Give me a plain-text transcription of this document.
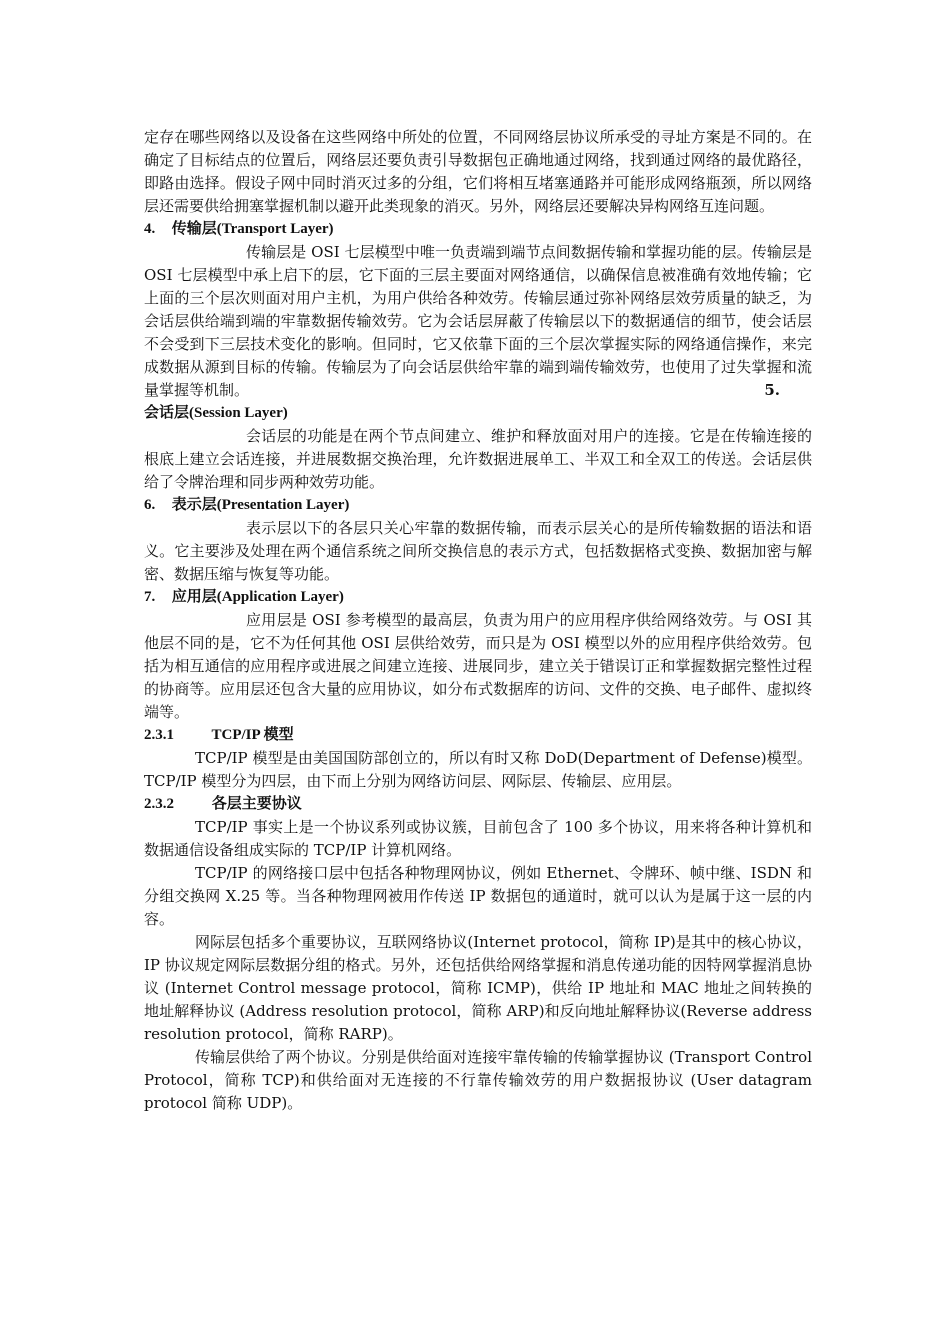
定存在哪些网络以及设备在这些网络中所处的位置，不同网络层协议所承受的寻址方案是不同的。在确定了目标结点的位置后，网络层还要负责引导数据包正确地通过网络，找到通过网络的最优路径，即路由选择。假设子网中同时消灭过多的分组，它们将相互堵塞通路并可能形成网络瓶颈，所以网络层还需要供给拥塞掌握机制以避开此类现象的消灭。另外，网络层还要解决异构网络互连问题。

4. 传输层(Transport Layer)

传输层是 OSI 七层模型中唯一负责端到端节点间数据传输和掌握功能的层。传输层是 OSI 七层模型中承上启下的层，它下面的三层主要面对网络通信，以确保信息被准确有效地传输；它上面的三个层次则面对用户主机，为用户供给各种效劳。传输层通过弥补网络层效劳质量的缺乏，为会话层供给端到端的牢靠数据传输效劳。它为会话层屏蔽了传输层以下的数据通信的细节，使会话层不会受到下三层技术变化的影响。但同时，它又依靠下面的三个层次掌握实际的网络通信操作，来完成数据从源到目标的传输。传输层为了向会话层供给牢靠的端到端传输效劳，也使用了过失掌握和流量掌握等机制。	5.

会话层(Session Layer)

会话层的功能是在两个节点间建立、维护和释放面对用户的连接。它是在传输连接的根底上建立会话连接，并进展数据交换治理，允许数据进展单工、半双工和全双工的传送。会话层供给了令牌治理和同步两种效劳功能。

6. 表示层(Presentation Layer)

表示层以下的各层只关心牢靠的数据传输，而表示层关心的是所传输数据的语法和语义。它主要涉及处理在两个通信系统之间所交换信息的表示方式，包括数据格式变换、数据加密与解密、数据压缩与恢复等功能。

7. 应用层(Application Layer)

应用层是 OSI 参考模型的最高层，负责为用户的应用程序供给网络效劳。与 OSI 其他层不同的是，它不为任何其他 OSI 层供给效劳，而只是为 OSI 模型以外的应用程序供给效劳。包括为相互通信的应用程序或进展之间建立连接、进展同步，建立关于错误订正和掌握数据完整性过程的协商等。应用层还包含大量的应用协议，如分布式数据库的访问、文件的交换、电子邮件、虚拟终端等。

2.3.1 TCP/IP 模型

TCP/IP 模型是由美国国防部创立的，所以有时又称 DoD(Department of Defense)模型。TCP/IP 模型分为四层，由下而上分别为网络访问层、网际层、传输层、应用层。

2.3.2	各层主要协议

TCP/IP 事实上是一个协议系列或协议簇，目前包含了 100 多个协议，用来将各种计算机和数据通信设备组成实际的 TCP/IP 计算机网络。

TCP/IP 的网络接口层中包括各种物理网协议，例如 Ethernet、令牌环、帧中继、ISDN 和分组交换网 X.25 等。当各种物理网被用作传送 IP 数据包的通道时，就可以认为是属于这一层的内容。

网际层包括多个重要协议，互联网络协议(Internet protocol，简称 IP)是其中的核心协议，IP 协议规定网际层数据分组的格式。另外，还包括供给网络掌握和消息传递功能的因特网掌握消息协议 (Internet Control message protocol，简称 ICMP)，供给 IP 地址和 MAC 地址之间转换的地址解释协议 (Address resolution protocol，简称 ARP)和反向地址解释协议(Reverse address resolution protocol，简称 RARP)。

传输层供给了两个协议。分别是供给面对连接牢靠传输的传输掌握协议 (Transport Control Protocol，简称 TCP)和供给面对无连接的不行靠传输效劳的用户数据报协议 (User datagram protocol 简称 UDP)。
